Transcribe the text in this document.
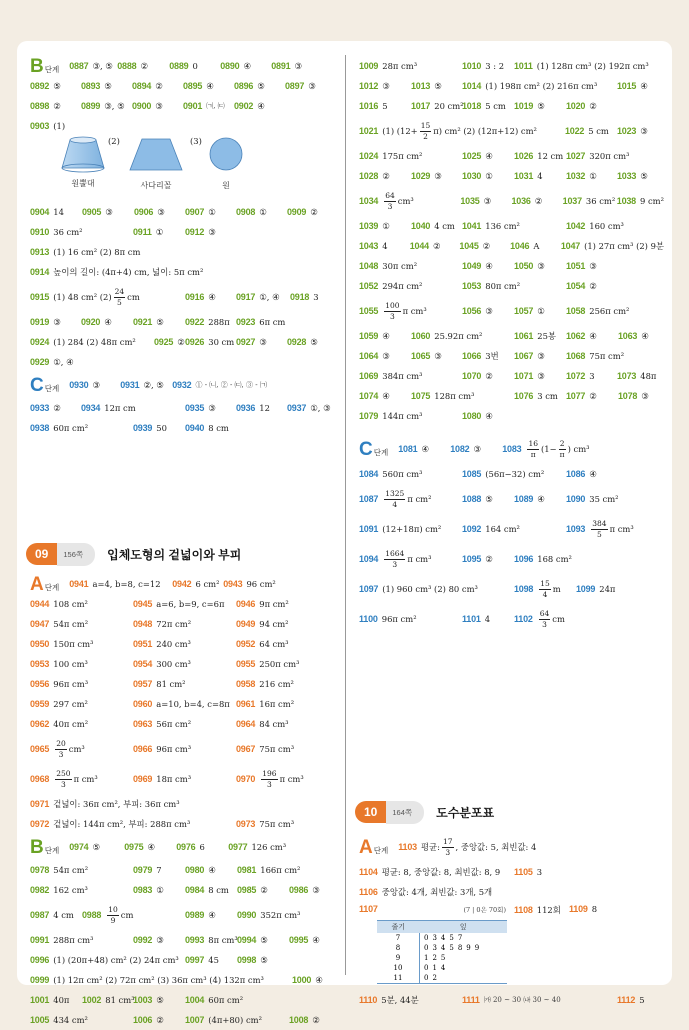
B 단계 0887 ③, ⑤ 0888 ② 0889 0 0890 ④ 0891 ③
0892 ⑤ 0893 ⑤ 0894 ② 0895 ④ 0896 ⑤ 0897 ③
0898 ② 0899 ③, ⑤ 0900 ③ 0901 ㈀, ㈂ 0902 ④
0903 (1)
원뿔대
(2)
사다리꼴
(3)
원
0904 14 0905 ③ 0906 ③ 0907 ① 0908 ① 0909 ②
0910 36 cm²	0911 ① 0912 ③
0913 (1) 16 cm² (2) 8π cm
0914 높이의 길이: (4π+4) cm, 넓이: 5π cm²
0915 (1) 48 cm² $(2) \frac{24}{5}$ cm	0916 ④ 0917 ①, ④ 0918 3
0919 ③ 0920 ④ 0921 ⑤ 0922 288π 0923 6π cm
0924 (1) 284 (2) 48π cm² 0925 ② 0926 30 cm 0927 ③ 0928 ⑤
0929 ①, ④
C 단계 0930 ③ 0931 ②, ⑤ 0932 ① - ㈁, ② - ㈂, ③ - ㈀
0933 ② 0934 12π cm	0935 ③ 0936 12 0937 ①, ③
0938 60π cm²	0939 50 0940 8 cm
09	156쪽	입체도형의 겉넓이와 부피
A 단계 0941 a=4, b=8, c=12 0942 6 cm² 0943 96 cm²
0944 108 cm²	0945 a=6, b=9, c=6π 0946 9π cm²
0947 54π cm²	0948 72π cm²	0949 94 cm²
0950 150π cm³	0951 240 cm³	0952 64 cm³
0953 100 cm³	0954 300 cm³	0955 250π cm³
0956 96π cm³	0957 81 cm²	0958 216 cm²
0959 297 cm²	0960 a=10, b=4, c=8π 0961 16π cm²
0962 40π cm²	0963 56π cm²	0964 84 cm³
$0965 \frac{20}{3} cm^3$	0966 96π cm³	0967 75π cm³
$0968 \frac{250}{3}$ π cm³	0969 18π cm³	$0970 \frac{196}{3}$ π cm³
0971 겉넓이: 36π cm², 부피: 36π cm³
0972 겉넓이: 144π cm², 부피: 288π cm³	0973 75π cm³
B 단계 0974 ⑤	0975 ④ 0976 6	0977 126 cm³
0978 54π cm²	0979 7	0980 ④ 0981 166π cm²
0982 162 cm³	0983 ① 0984 8 cm 0985 ② 0986 ③
0987 4 cm $0988 \frac{10}{9}$ cm	0989 ④ 0990 352π cm³
0991 288π cm³	0992 ③ 0993 8π cm³ 0994 ⑤ 0995 ④
0996 (1) (20π+48) cm² (2) 24π cm³ 0997 45 0998 ⑤
0999 (1) 12π cm² (2) 72π cm² (3) 36π cm³ (4) 132π cm³	1000 ④
1001 40π 1002 81 cm³
1003 ⑤ 1004 60π cm²
1005 434 cm²	1006 ② 1007 (4π+80) cm²	1008 ②
1009 28π cm³	1010 3 : 2 1011 (1) 128π cm³ (2) 192π cm³
1012 ③ 1013 ⑤ 1014 (1) 198π cm² (2) 216π cm³ 1015 ④
1016 5	1017 20 cm²
1018 5 cm 1019 ⑤ 1020 ②
1021 (1) $(12+ \frac{15}{2} \pi)$ cm² (2) (12π+12) cm²	1022 5 cm 1023 ③
1024 175π cm²	1025 ④ 1026 12 cm 1027 320π cm³
1028 ② 1029 ③ 1030 ① 1031 4	1032 ① 1033 ⑤
$1034 \frac{64}{3} cm^3$	1035 ③ 1036 ② 1037 36 cm² 1038 9 cm²
1039 ① 1040 4 cm 1041 136 cm²	1042 160 cm³
1043 4 1044 ② 1045 ② 1046 A 1047 (1) 27π cm³ (2) 9분
1048 30π cm²	1049 ④ 1050 ③ 1051 ③
1052 294π cm²	1053 80π cm²	1054 ②
$1055 \frac{100}{3}$ π cm³	1056 ③ 1057 ① 1058 256π cm²
1059 ④ 1060 25.92π cm²	1061 25봉 1062 ④ 1063 ④
1064 ③ 1065 ③ 1066 3번 1067 ③ 1068 75π cm²
1069 384π cm³	1070 ② 1071 ③ 1072 3 1073 48π
1074 ④ 1075 128π cm³	1076 3 cm 1077 ② 1078 ③
1079 144π cm³	1080 ④
C 단계 1081 ④ 1082 ③ $1083 \frac{16}{\pi} (1- \frac{2}{\pi}$ ) cm³
1084 560π cm³	1085 (56π−32) cm² 1086 ④
$1087 \frac{1325}{4}$ π cm²	1088 ⑤ 1089 ④ 1090 35 cm²
1091 (12+18π) cm² 1092 164 cm²	$1093 \frac{384}{5}$ π cm³
$1094 \frac{1664}{3}$ π cm³	1095 ② 1096 168 cm²
1097 (1) 960 cm³ (2) 80 cm³	$1098 \frac{15}{4}$ m 1099 24π
1100 96π cm²	1101 4	$1102 \frac{64}{3}$ cm
10	164쪽	도수분포표
A 단계 1103 평균: $\frac{17}{3}$ , 중앙값: 5, 최빈값: 4
1104 평균: 8, 중앙값: 8, 최빈값: 8, 9 1105 3
1106 중앙값: 4개, 최빈값: 3개, 5개
1107	(7 | 0은 70회)
줄기	잎
7	03457
8	0345899
9	125
10	014
11	02
1108 112회 1109 8
1110 5분, 44분	1111 ㈎ 20 ~ 30 ㈏ 30 ~ 40	1112 5
